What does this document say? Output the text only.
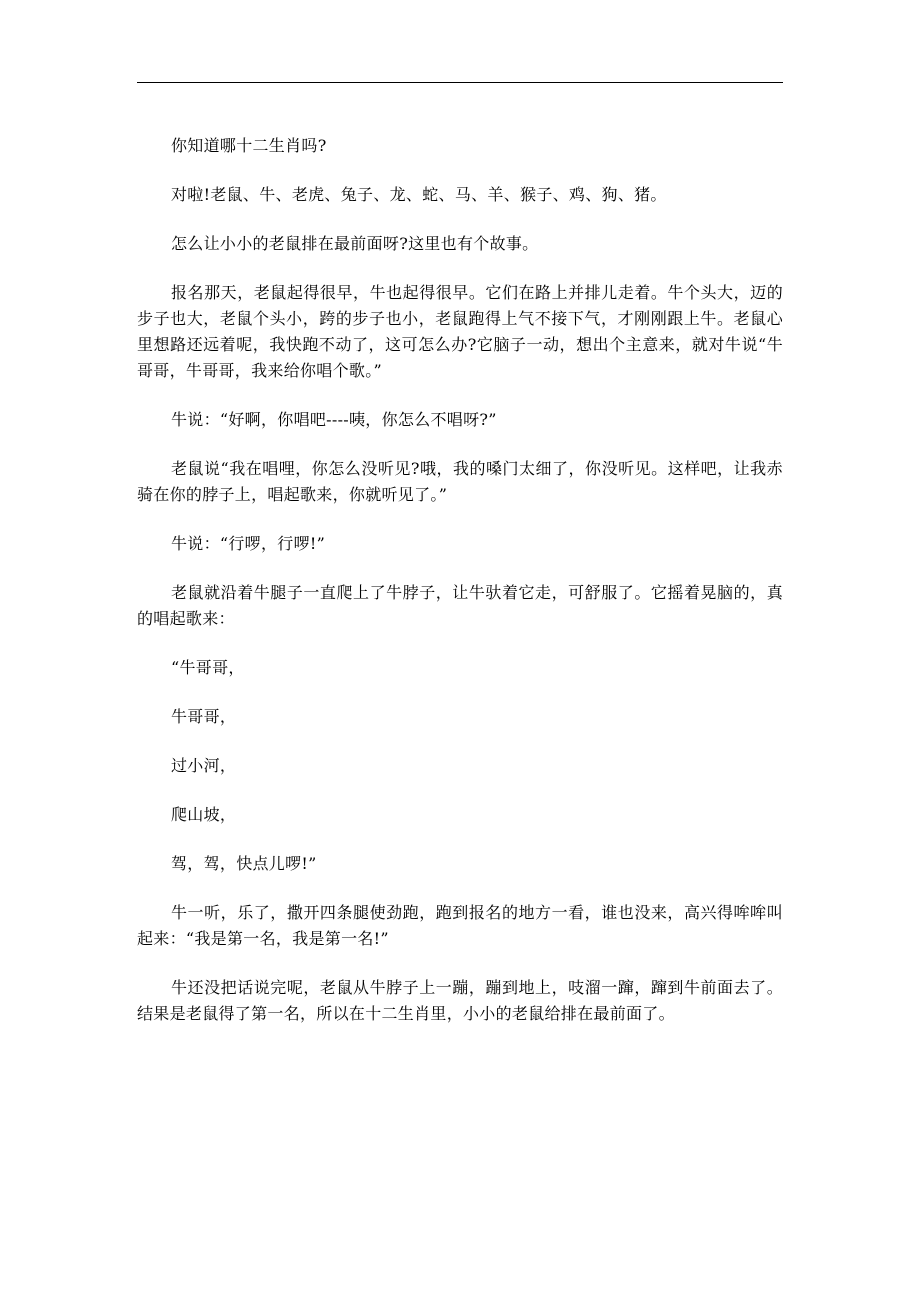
你知道哪十二生肖吗?

对啦!老鼠、牛、老虎、兔子、龙、蛇、马、羊、猴子、鸡、狗、猪。

怎么让小小的老鼠排在最前面呀?这里也有个故事。

报名那天，老鼠起得很早，牛也起得很早。它们在路上并排儿走着。牛个头大，迈的步子也大，老鼠个头小，跨的步子也小，老鼠跑得上气不接下气，才刚刚跟上牛。老鼠心里想路还远着呢，我快跑不动了，这可怎么办?它脑子一动，想出个主意来，就对牛说“牛哥哥，牛哥哥，我来给你唱个歌。”

牛说：“好啊，你唱吧----咦，你怎么不唱呀?”

老鼠说“我在唱哩，你怎么没听见?哦，我的嗓门太细了，你没听见。这样吧，让我赤骑在你的脖子上，唱起歌来，你就听见了。”

牛说：“行啰，行啰!”

老鼠就沿着牛腿子一直爬上了牛脖子，让牛驮着它走，可舒服了。它摇着晃脑的，真的唱起歌来：

“牛哥哥，

牛哥哥，

过小河，

爬山坡，

驾，驾，快点儿啰!”

牛一听，乐了，撒开四条腿使劲跑，跑到报名的地方一看，谁也没来，高兴得哞哞叫起来：“我是第一名，我是第一名!”

牛还没把话说完呢，老鼠从牛脖子上一蹦，蹦到地上，吱溜一蹿，蹿到牛前面去了。结果是老鼠得了第一名，所以在十二生肖里，小小的老鼠给排在最前面了。
